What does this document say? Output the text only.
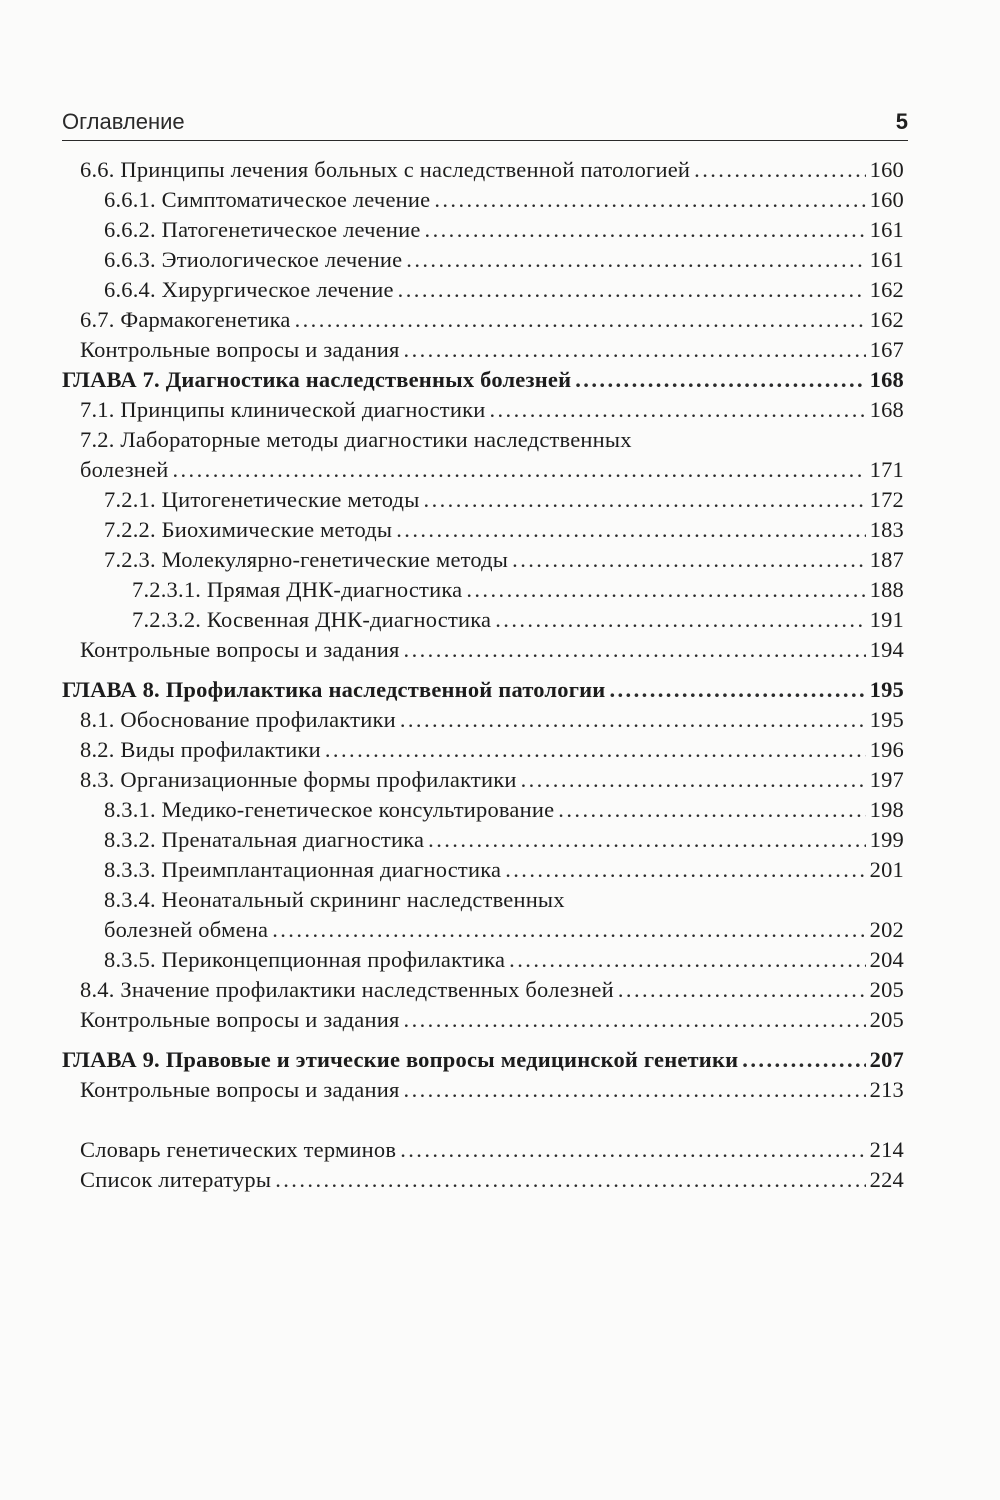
Оглавление	5
6.6. Принципы лечения больных с наследственной патологией . . .	160
6.6.1. Симптоматическое лечение . . .	160
6.6.2. Патогенетическое лечение . . .	161
6.6.3. Этиологическое лечение . . .	161
6.6.4. Хирургическое лечение . . .	162
6.7. Фармакогенетика . . .	162
Контрольные вопросы и задания . . .	167
ГЛАВА 7. Диагностика наследственных болезней . . .	168
7.1. Принципы клинической диагностики . . .	168
7.2. Лабораторные методы диагностики наследственных
болезней . . .	171
7.2.1. Цитогенетические методы . . .	172
7.2.2. Биохимические методы . . .	183
7.2.3. Молекулярно-генетические методы . . .	187
7.2.3.1. Прямая ДНК-диагностика . . .	188
7.2.3.2. Косвенная ДНК-диагностика . . .	191
Контрольные вопросы и задания . . .	194
ГЛАВА 8. Профилактика наследственной патологии . . .	195
8.1. Обоснование профилактики . . .	195
8.2. Виды профилактики . . .	196
8.3. Организационные формы профилактики . . .	197
8.3.1. Медико-генетическое консультирование . . .	198
8.3.2. Пренатальная диагностика . . .	199
8.3.3. Преимплантационная диагностика . . .	201
8.3.4. Неонатальный скрининг наследственных
болезней обмена . . .	202
8.3.5. Периконцепционная профилактика . . .	204
8.4. Значение профилактики наследственных болезней . . .	205
Контрольные вопросы и задания . . .	205
ГЛАВА 9. Правовые и этические вопросы медицинской генетики . . .	207
Контрольные вопросы и задания . . .	213
Словарь генетических терминов . . .	214
Список литературы . . .	224
